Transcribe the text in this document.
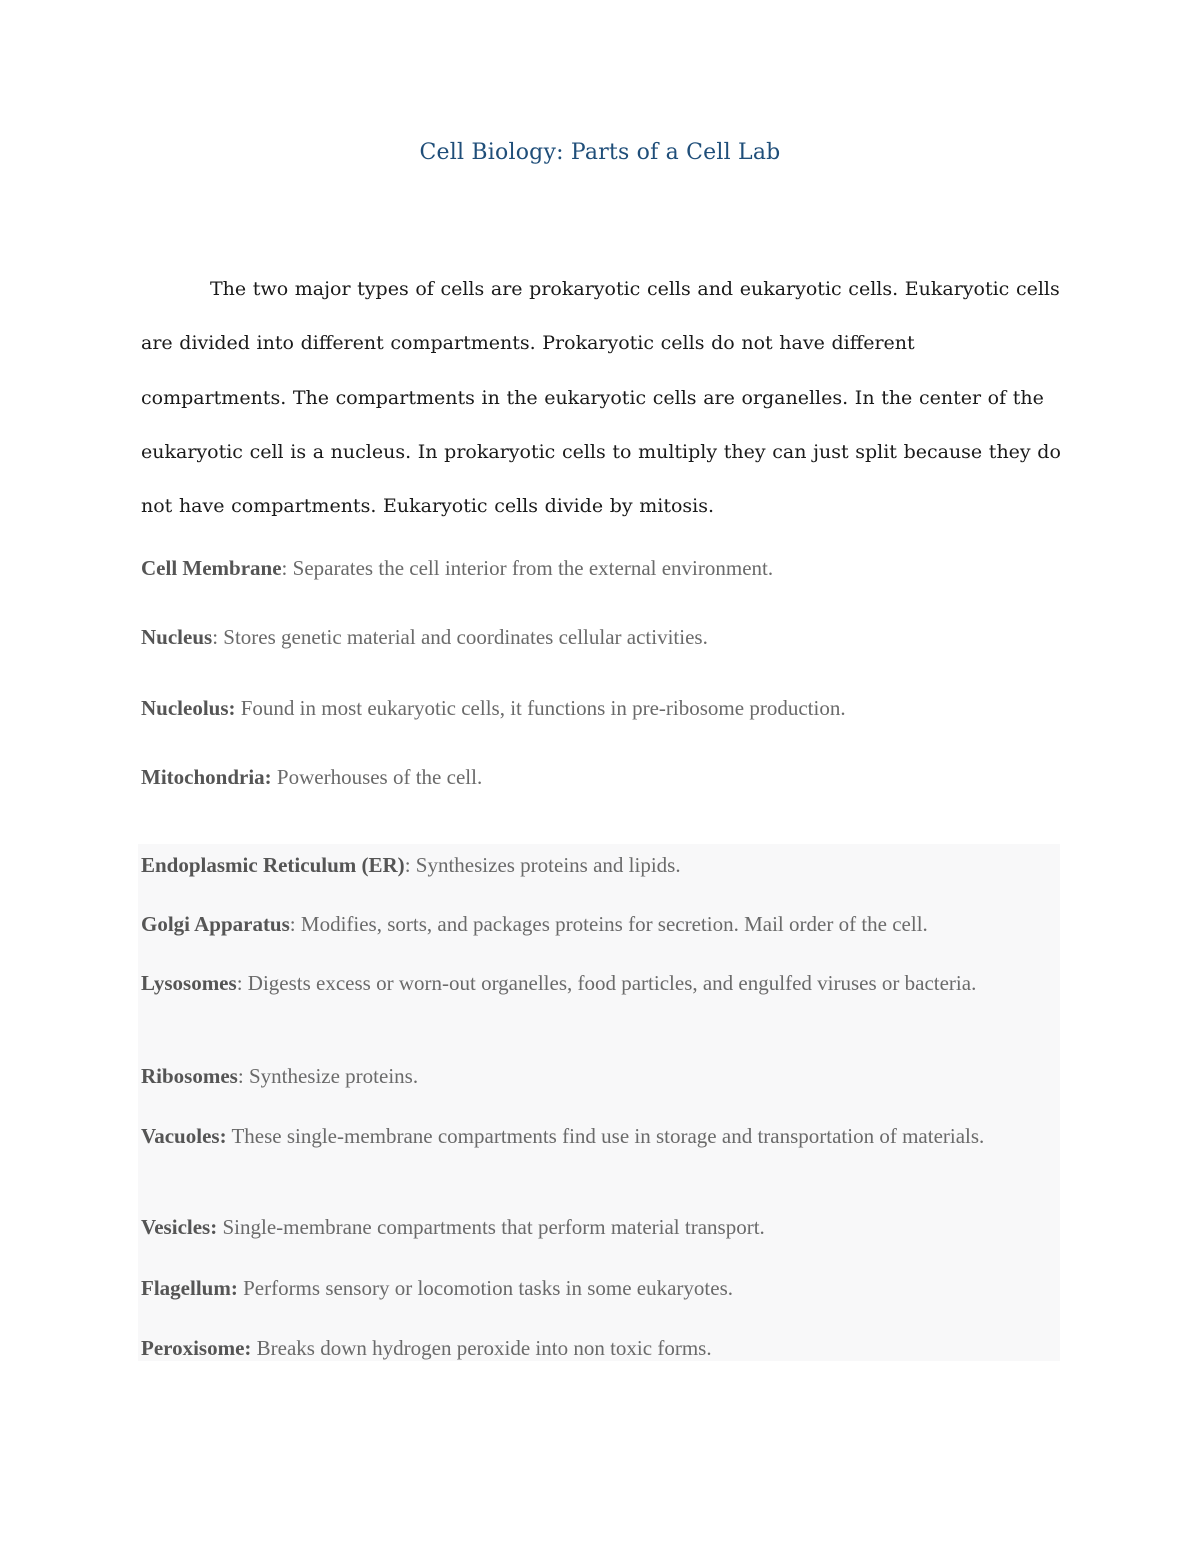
Cell Biology: Parts of a Cell Lab

The two major types of cells are prokaryotic cells and eukaryotic cells. Eukaryotic cells are divided into different compartments. Prokaryotic cells do not have different compartments. The compartments in the eukaryotic cells are organelles. In the center of the eukaryotic cell is a nucleus. In prokaryotic cells to multiply they can just split because they do not have compartments. Eukaryotic cells divide by mitosis.

Cell Membrane: Separates the cell interior from the external environment.

Nucleus: Stores genetic material and coordinates cellular activities.

Nucleolus: Found in most eukaryotic cells, it functions in pre-ribosome production.

Mitochondria: Powerhouses of the cell.

Endoplasmic Reticulum (ER): Synthesizes proteins and lipids.

Golgi Apparatus: Modifies, sorts, and packages proteins for secretion. Mail order of the cell.

Lysosomes: Digests excess or worn-out organelles, food particles, and engulfed viruses or bacteria.

Ribosomes: Synthesize proteins.

Vacuoles: These single-membrane compartments find use in storage and transportation of materials.

Vesicles: Single-membrane compartments that perform material transport.

Flagellum: Performs sensory or locomotion tasks in some eukaryotes.

Peroxisome: Breaks down hydrogen peroxide into non toxic forms.
